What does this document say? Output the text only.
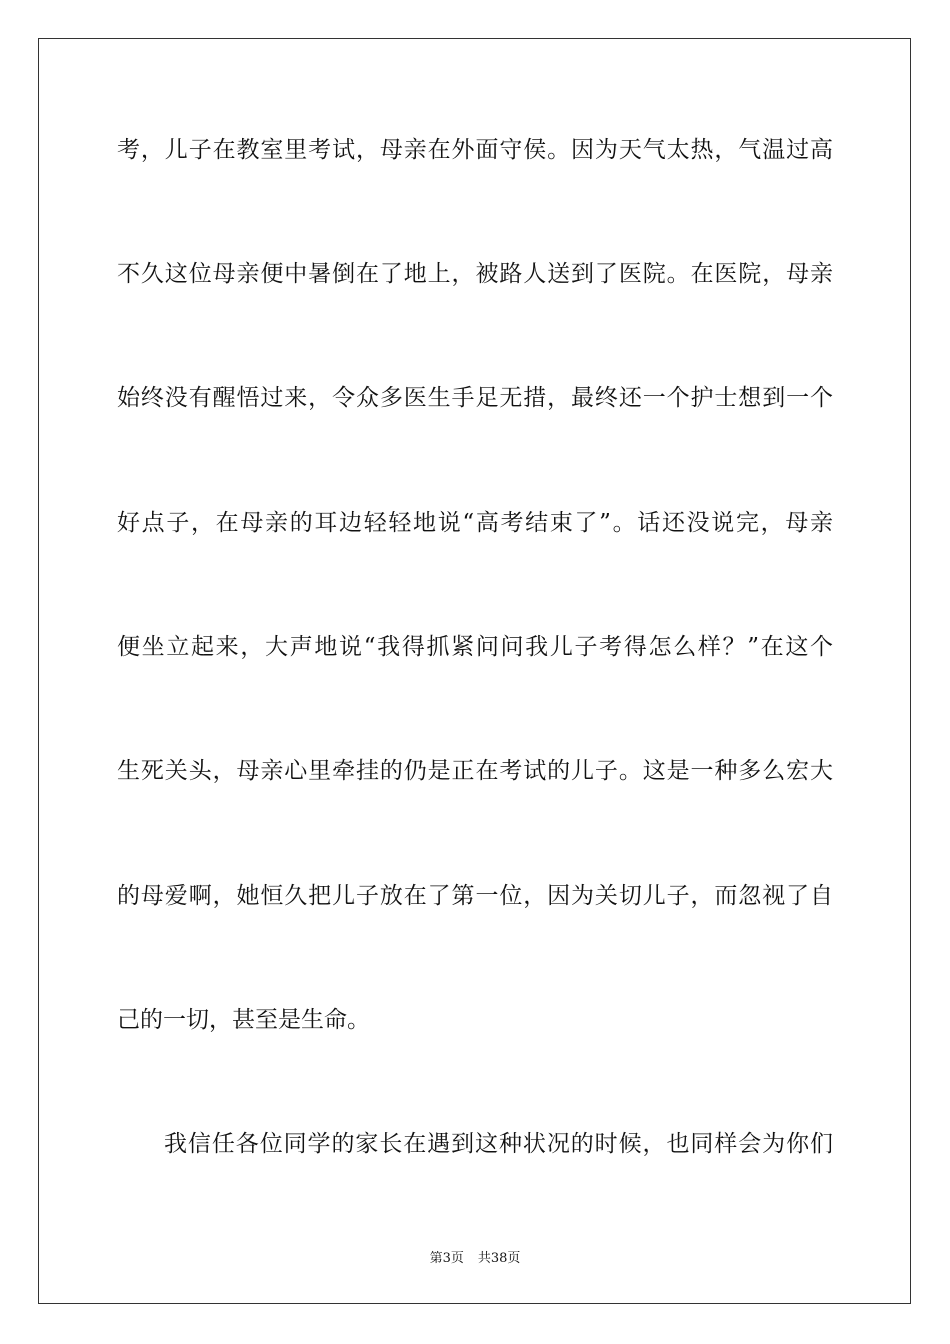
考，儿子在教室里考试，母亲在外面守侯。因为天气太热，气温过高
不久这位母亲便中暑倒在了地上，被路人送到了医院。在医院，母亲
始终没有醒悟过来，令众多医生手足无措，最终还一个护士想到一个
好点子，在母亲的耳边轻轻地说“高考结束了”。话还没说完，母亲
便坐立起来，大声地说“我得抓紧问问我儿子考得怎么样？”在这个
生死关头，母亲心里牵挂的仍是正在考试的儿子。这是一种多么宏大
的母爱啊，她恒久把儿子放在了第一位，因为关切儿子，而忽视了自
己的一切，甚至是生命。
我信任各位同学的家长在遇到这种状况的时候，也同样会为你们
第3页 共38页
